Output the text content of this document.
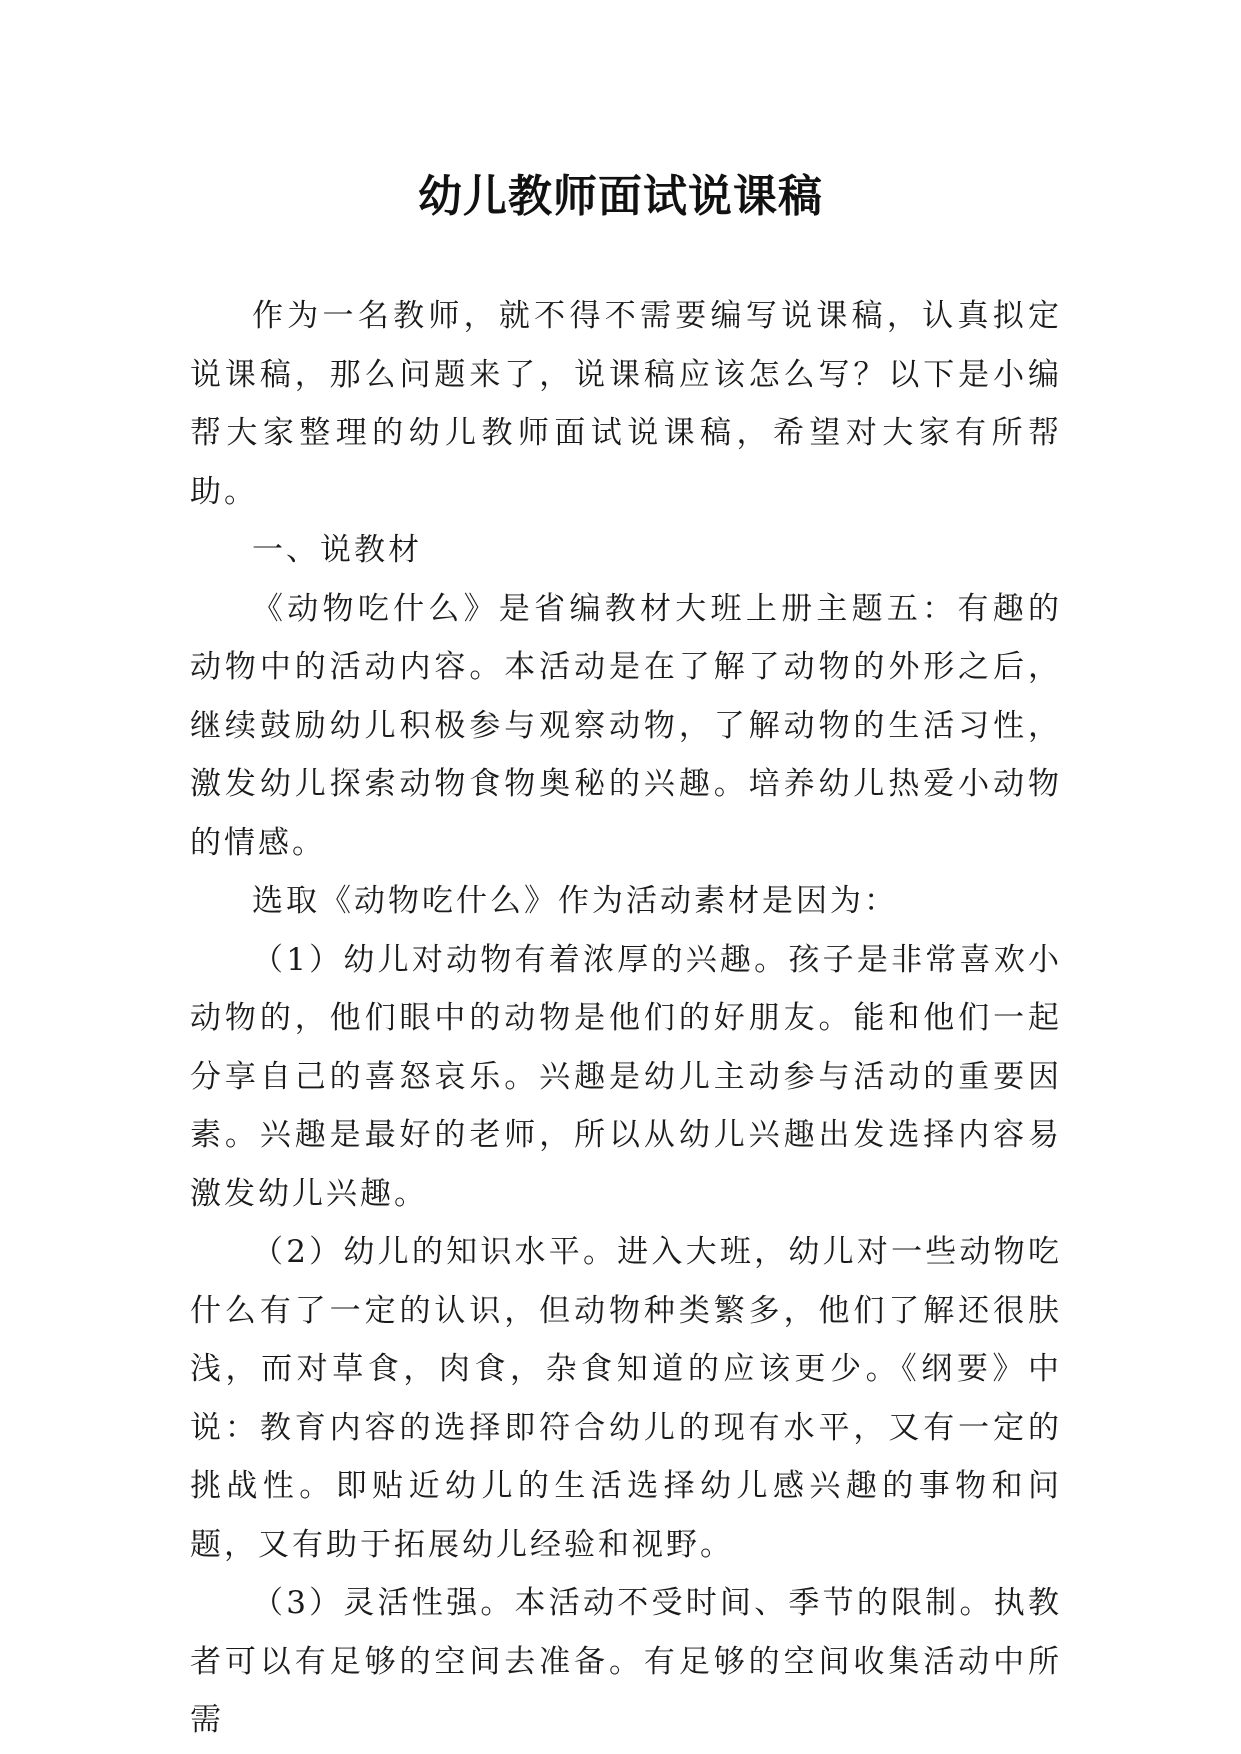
幼儿教师面试说课稿

作为一名教师，就不得不需要编写说课稿，认真拟定说课稿，那么问题来了，说课稿应该怎么写？以下是小编帮大家整理的幼儿教师面试说课稿，希望对大家有所帮助。

一、说教材

《动物吃什么》是省编教材大班上册主题五：有趣的动物中的活动内容。本活动是在了解了动物的外形之后，继续鼓励幼儿积极参与观察动物，了解动物的生活习性，激发幼儿探索动物食物奥秘的兴趣。培养幼儿热爱小动物的情感。

选取《动物吃什么》作为活动素材是因为：

（1）幼儿对动物有着浓厚的兴趣。孩子是非常喜欢小动物的，他们眼中的动物是他们的好朋友。能和他们一起分享自己的喜怒哀乐。兴趣是幼儿主动参与活动的重要因素。兴趣是最好的老师，所以从幼儿兴趣出发选择内容易激发幼儿兴趣。

（2）幼儿的知识水平。进入大班，幼儿对一些动物吃什么有了一定的认识，但动物种类繁多，他们了解还很肤浅，而对草食，肉食，杂食知道的应该更少。《纲要》中说：教育内容的选择即符合幼儿的现有水平，又有一定的挑战性。即贴近幼儿的生活选择幼儿感兴趣的事物和问题，又有助于拓展幼儿经验和视野。

（3）灵活性强。本活动不受时间、季节的限制。执教者可以有足够的空间去准备。有足够的空间收集活动中所需
